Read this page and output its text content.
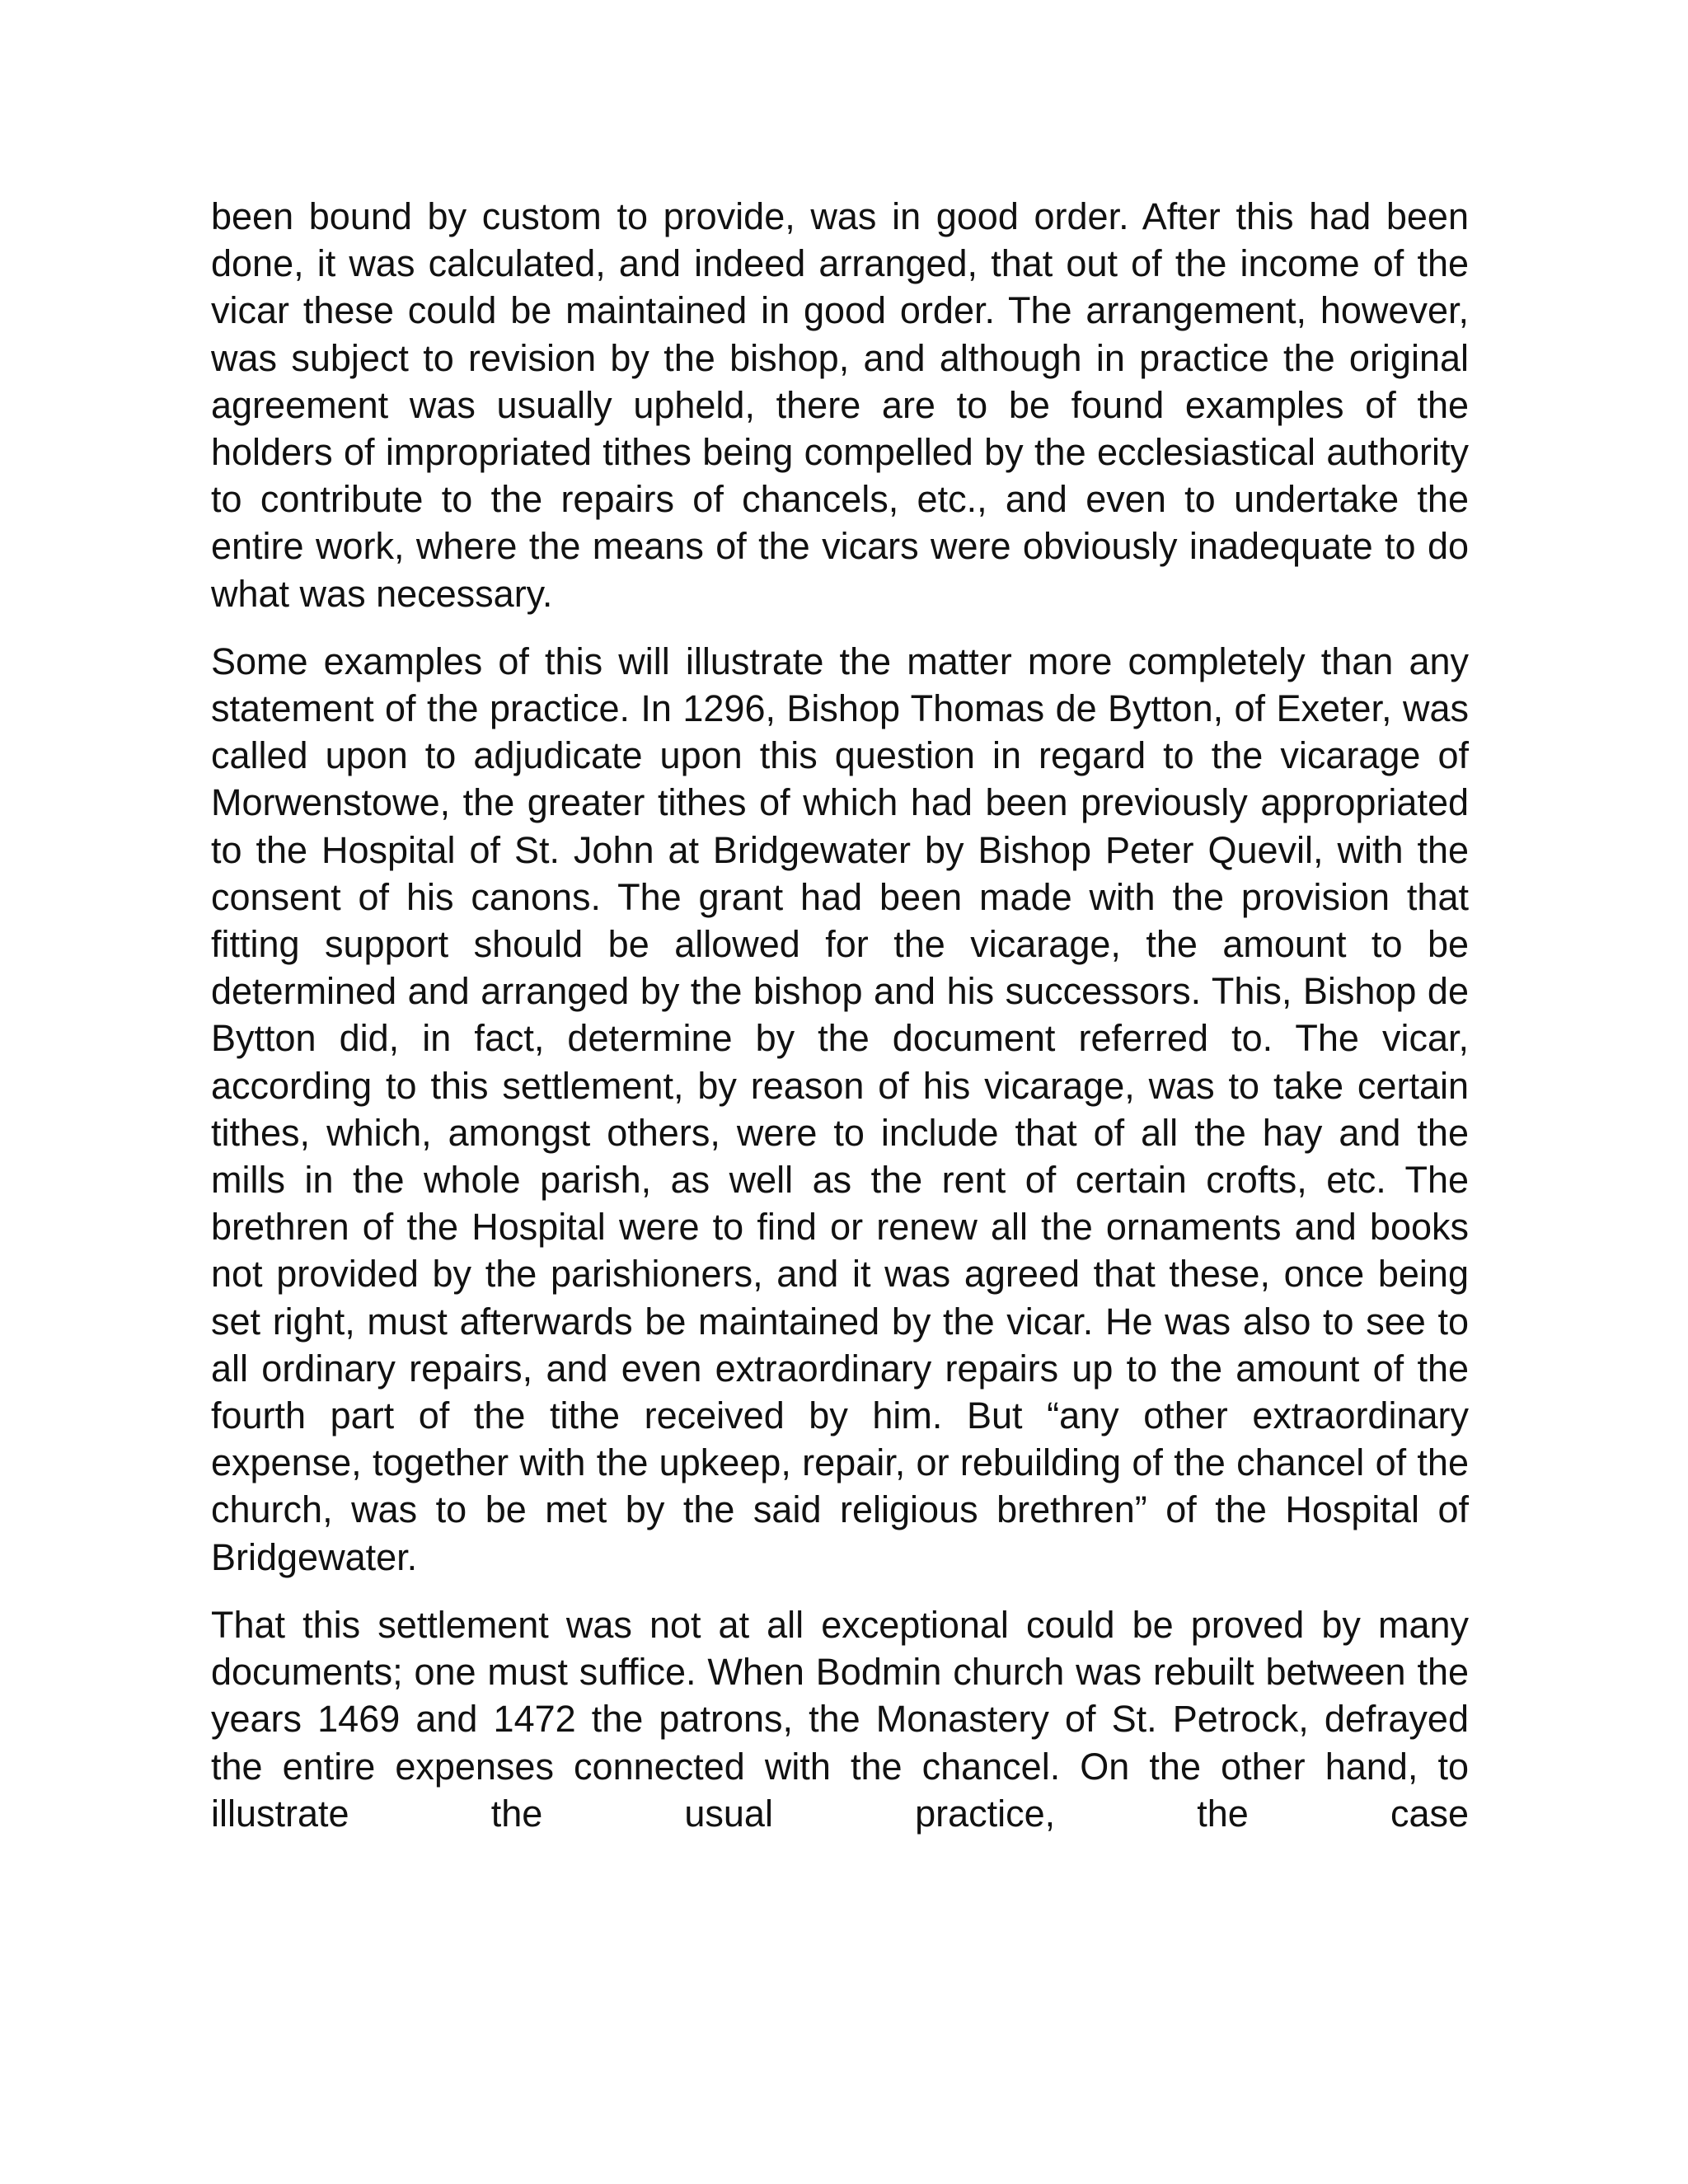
been bound by custom to provide, was in good order. After this had been done, it was calculated, and indeed arranged, that out of the income of the vicar these could be maintained in good order. The arrangement, however, was subject to revision by the bishop, and although in practice the original agreement was usually upheld, there are to be found examples of the holders of impropriated tithes being compelled by the ecclesiastical authority to contribute to the repairs of chancels, etc., and even to undertake the entire work, where the means of the vicars were obviously inadequate to do what was necessary.

Some examples of this will illustrate the matter more completely than any statement of the practice. In 1296, Bishop Thomas de Bytton, of Exeter, was called upon to adjudicate upon this question in regard to the vicarage of Morwenstowe, the greater tithes of which had been previously appropriated to the Hospital of St. John at Bridgewater by Bishop Peter Quevil, with the consent of his canons. The grant had been made with the provision that fitting support should be allowed for the vicarage, the amount to be determined and arranged by the bishop and his successors. This, Bishop de Bytton did, in fact, determine by the document referred to. The vicar, according to this settlement, by reason of his vicarage, was to take certain tithes, which, amongst others, were to include that of all the hay and the mills in the whole parish, as well as the rent of certain crofts, etc. The brethren of the Hospital were to find or renew all the ornaments and books not provided by the parishioners, and it was agreed that these, once being set right, must afterwards be maintained by the vicar. He was also to see to all ordinary repairs, and even extraordinary repairs up to the amount of the fourth part of the tithe received by him. But “any other extraordinary expense, together with the upkeep, repair, or rebuilding of the chancel of the church, was to be met by the said religious brethren” of the Hospital of Bridgewater.

That this settlement was not at all exceptional could be proved by many documents; one must suffice. When Bodmin church was rebuilt between the years 1469 and 1472 the patrons, the Monastery of St. Petrock, defrayed the entire expenses connected with the chancel. On the other hand, to illustrate the usual practice, the case
